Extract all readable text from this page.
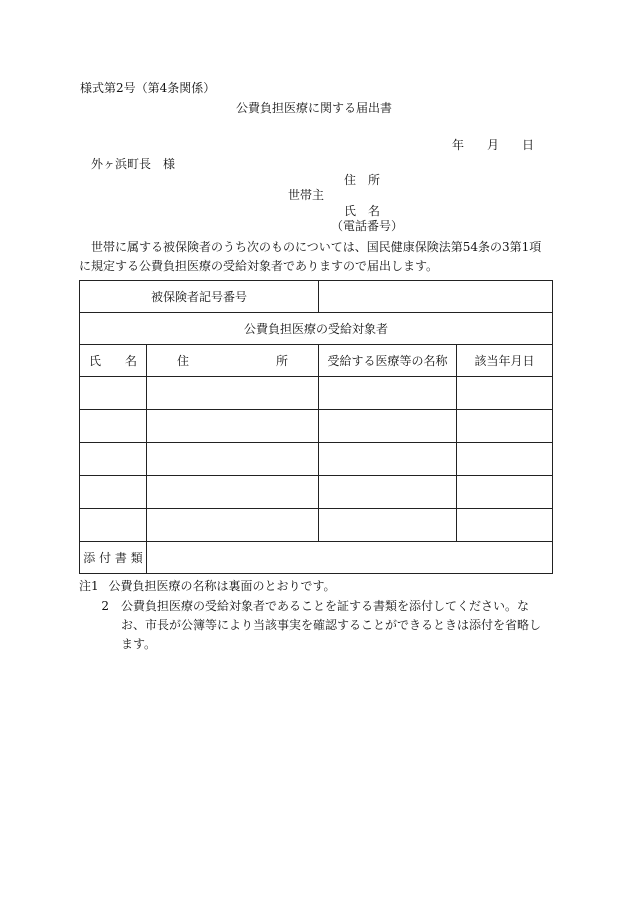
様式第2号（第4条関係）
公費負担医療に関する届出書
年 月 日
外ヶ浜町長　様
住　所
世帯主
氏　名
（電話番号）
世帯に属する被保険者のうち次のものについては、国民健康保険法第54条の3第1項に規定する公費負担医療の受給対象者でありますので届出します。
被保険者記号番号			
公費負担医療の受給対象者			
氏　　名	住 所	受給する医療等の名称	該当年月日

添 付 書 類			
注1 公費負担医療の名称は裏面のとおりです。
2	公費負担医療の受給対象者であることを証する書類を添付してください。なお、市長が公簿等により当該事実を確認することができるときは添付を省略します。
